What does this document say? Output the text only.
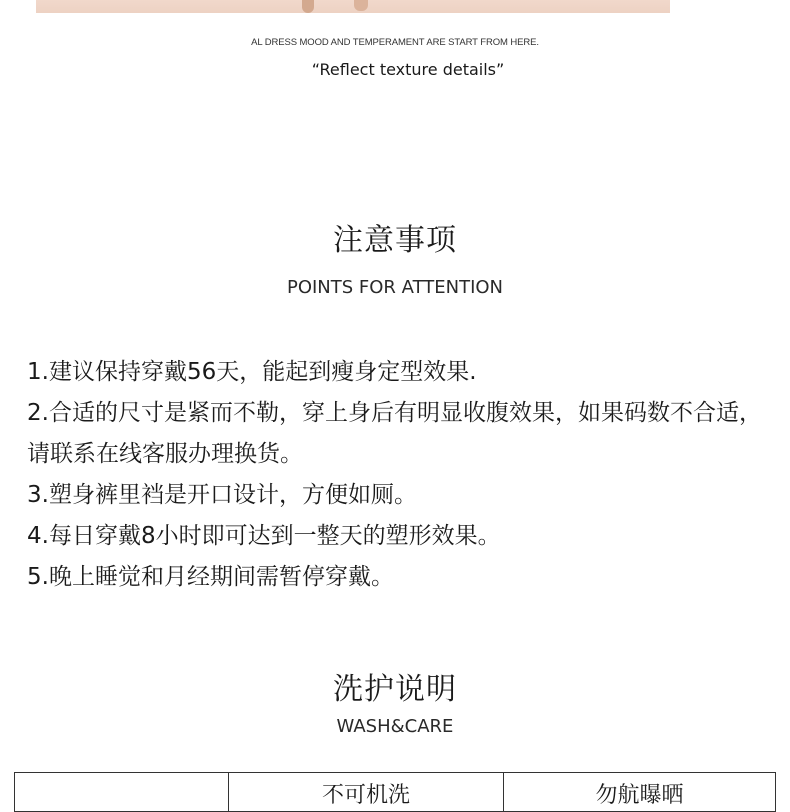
AL DRESS MOOD AND TEMPERAMENT ARE START FROM HERE.
“Reflect texture details”
注意事项
POINTS FOR ATTENTION
1.建议保持穿戴56天，能起到瘦身定型效果.
2.合适的尺寸是紧而不勒，穿上身后有明显收腹效果，如果码数不合适，请联系在线客服办理换货。
3.塑身裤里裆是开口设计，方便如厕。
4.每日穿戴8小时即可达到一整天的塑形效果。
5.晚上睡觉和月经期间需暂停穿戴。
洗护说明
WASH&CARE
不可机洗	勿航曝晒
